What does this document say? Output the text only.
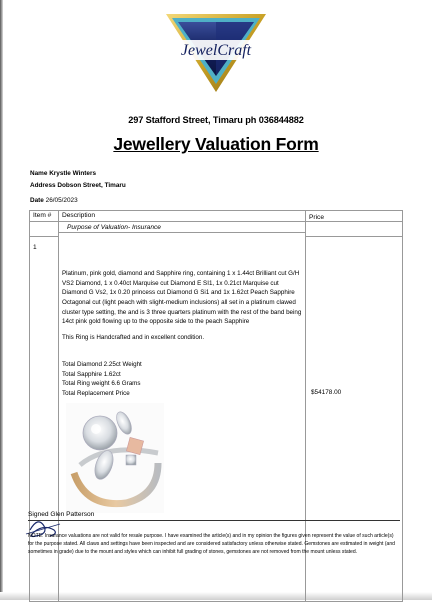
JewelCraft
297 Stafford Street, Timaru ph 036844882
Jewellery Valuation Form
Name Krystle Winters
Address Dobson Street, Timaru
Date 26/05/2023
Item # Description	Price
Purpose of Valuation- Insurance
1

Platinum, pink gold, diamond and Sapphire ring, containing 1 x 1.44ct Brilliant cut G/H VS2 Diamond, 1 x 0.40ct Marquise cut Diamond E SI1, 1x 0.21ct Marquise cut Diamond G Vs2, 1x 0.20 princess cut Diamond G Si1 and 1x 1.62ct Peach Sapphire Octagonal cut (light peach with slight-medium inclusions) all set in a platinum clawed cluster type setting, the and is 3 three quarters platinum with the rest of the band being 14ct pink gold flowing up to the opposite side to the peach Sapphire

This Ring is Handcrafted and in excellent condition.
Total Diamond 2.25ct Weight
Total Sapphire 1.62ct
Total Ring weight 6.6 Grams
Total Replacement Price	$54178.00
Signed Glen Patterson
NOTE: Insurance valuations are not valid for resale purpose. I have examined the article(s) and in my opinion the figures given represent the value of such article(s) for the purpose stated. All claws and settings have been inspected and are considered satisfactory unless otherwise stated. Gemstones are estimated in weight (and sometimes in grade) due to the mount and styles which can inhibit full grading of stones, gemstones are not removed from the mount unless stated.
